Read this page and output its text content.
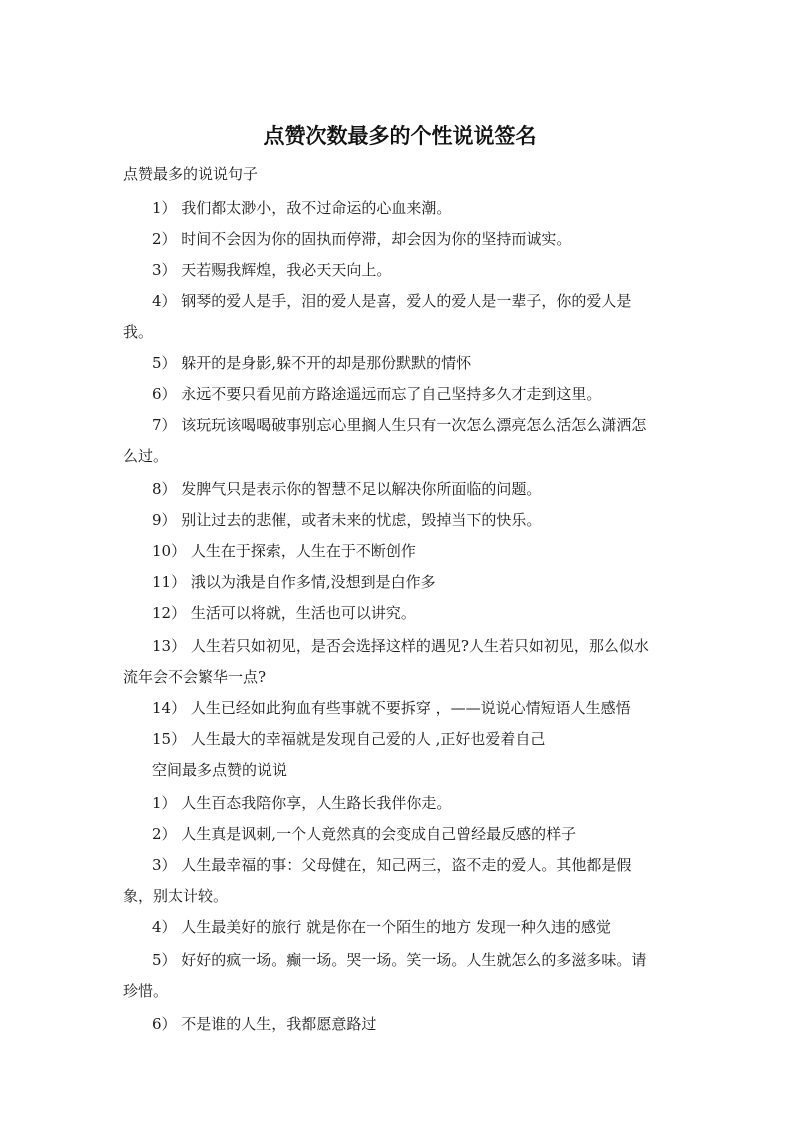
点赞次数最多的个性说说签名
点赞最多的说说句子
1） 我们都太渺小，敌不过命运的心血来潮。
2） 时间不会因为你的固执而停滞，却会因为你的坚持而诚实。
3） 天若赐我辉煌，我必天天向上。
4） 钢琴的爱人是手，泪的爱人是喜，爱人的爱人是一辈子，你的爱人是
我。
5） 躲开的是身影,躲不开的却是那份默默的情怀
6） 永远不要只看见前方路途遥远而忘了自己坚持多久才走到这里。
7） 该玩玩该喝喝破事别忘心里搁人生只有一次怎么漂亮怎么活怎么潇洒怎
么过。
8） 发脾气只是表示你的智慧不足以解决你所面临的问题。
9） 别让过去的悲催，或者未来的忧虑，毁掉当下的快乐。
10） 人生在于探索，人生在于不断创作
11） 涐以为涐是自作多情,没想到是白作多
12） 生活可以将就，生活也可以讲究。
13） 人生若只如初见，是否会选择这样的遇见?人生若只如初见，那么似水
流年会不会繁华一点?
14） 人生已经如此狗血有些事就不要拆穿 ，——说说心情短语人生感悟
15） 人生最大的幸福就是发现自己爱的人 ,正好也爱着自己
空间最多点赞的说说
1） 人生百态我陪你享，人生路长我伴你走。
2） 人生真是讽刺,一个人竟然真的会变成自己曾经最反感的样子
3） 人生最幸福的事：父母健在，知己两三，盗不走的爱人。其他都是假
象，别太计较。
4） 人生最美好的旅行 就是你在一个陌生的地方 发现一种久违的感觉
5） 好好的疯一场。癫一场。哭一场。笑一场。人生就怎么的多滋多味。请
珍惜。
6） 不是谁的人生，我都愿意路过
